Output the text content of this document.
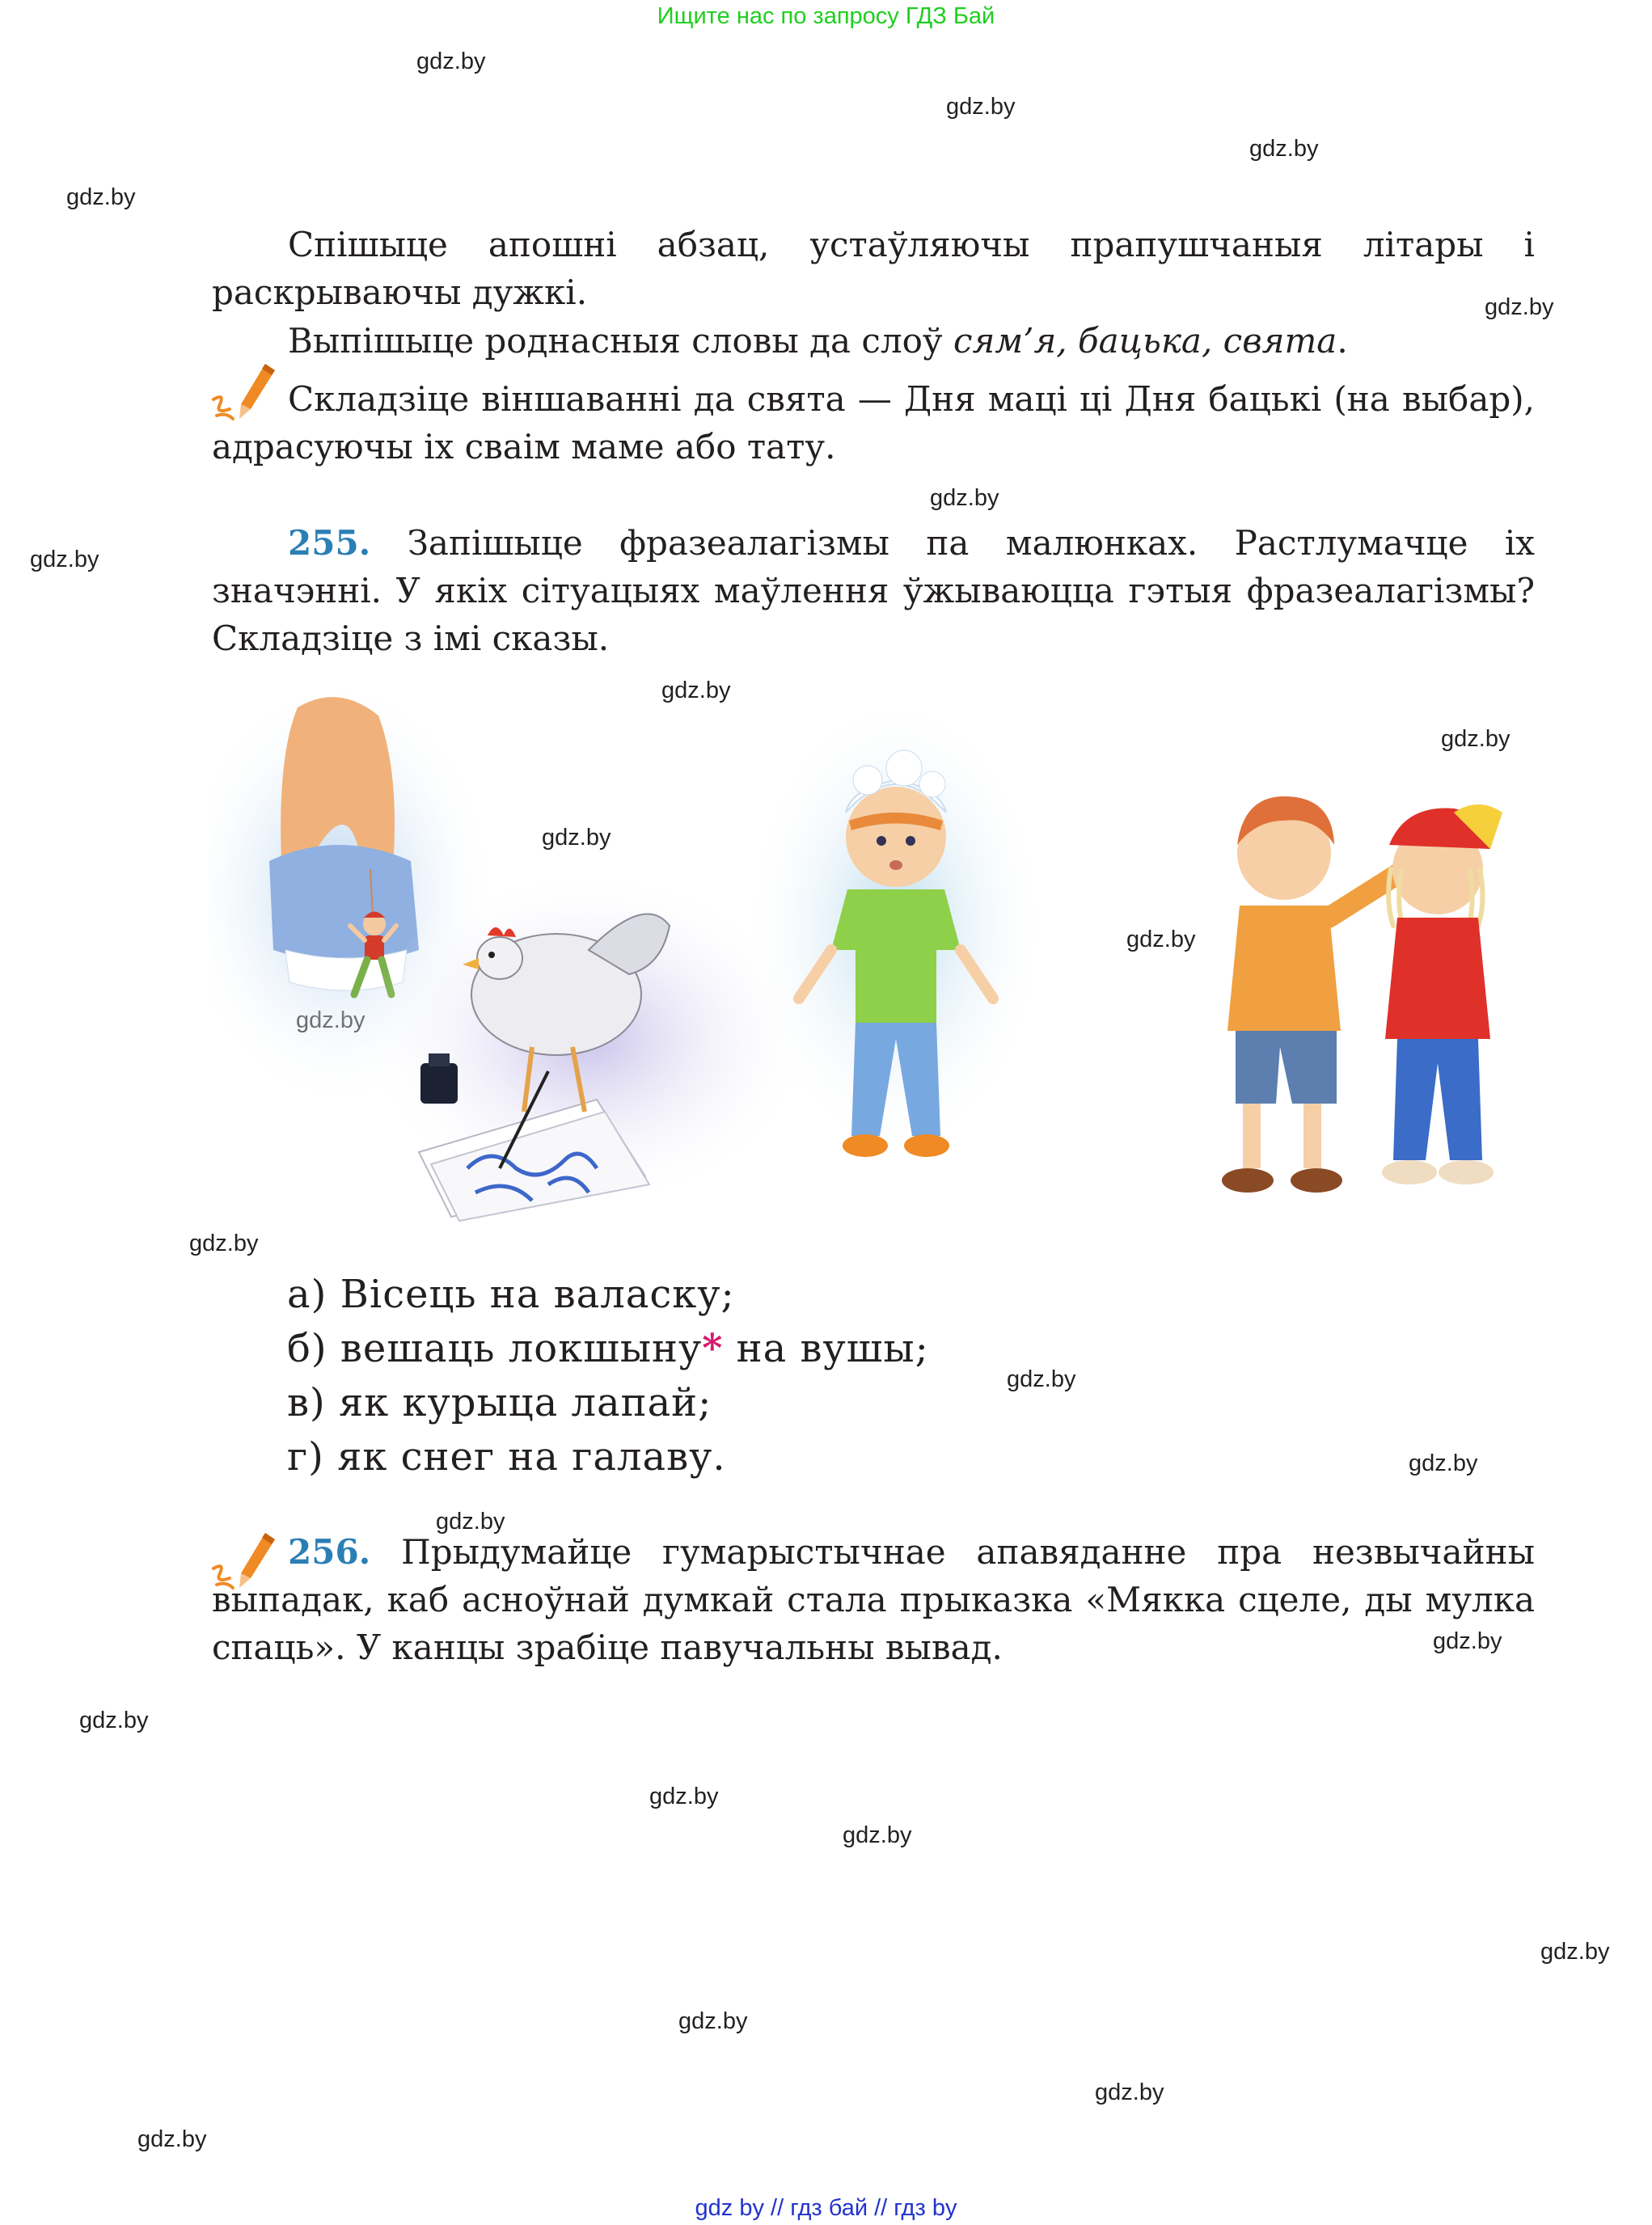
Ищите нас по запросу ГДЗ Бай
gdz.by
gdz.by
gdz.by
gdz.by
gdz.by
gdz.by
gdz.by
gdz.by
gdz.by
gdz.by
gdz.by
gdz.by
gdz.by
gdz.by
gdz.by
gdz.by
gdz.by
gdz.by
gdz.by
gdz.by
gdz.by
gdz.by
gdz.by
Спішыце апошні абзац, устаўляючы прапушчаныя літары і раскрываючы дужкі.
Выпішыце роднасныя словы да слоў сям’я, бацька, свята.
Складзіце віншаванні да свята — Дня маці ці Дня бацькі (на выбар), адрасуючы іх сваім маме або тату.
255. Запішыце фразеалагізмы па малюнках. Растлумачце іх значэнні. У якіх сітуацыях маўлення ўжываюцца гэтыя фразеалагізмы? Складзіце з імі сказы.
а) Вісець на валаску;
б) вешаць локшыну* на вушы;
в) як курыца лапай;
г) як снег на галаву.
256. Прыдумайце гумарыстычнае апавяданне пра незвычайны выпадак, каб асноўнай думкай стала прыказка «Мякка сцеле, ды мулка спаць». У канцы зрабіце павучальны вывад.
gdz by // гдз бай // гдз by
